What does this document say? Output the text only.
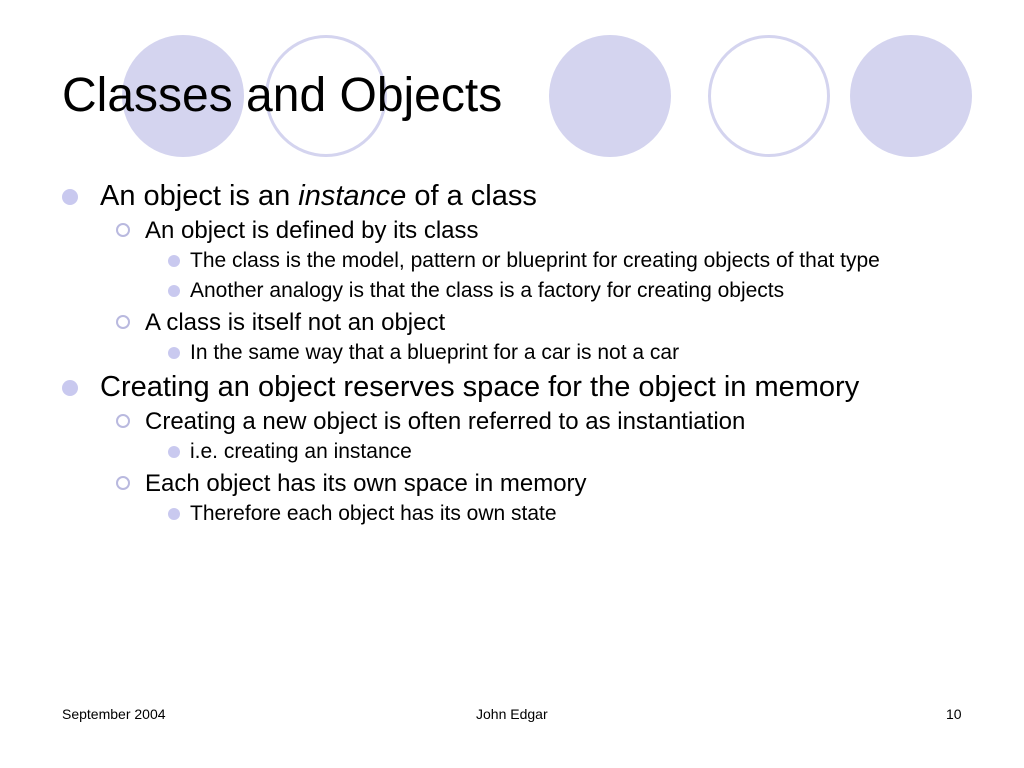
Classes and Objects
An object is an instance of a class
An object is defined by its class
The class is the model, pattern or blueprint for creating objects of that type
Another analogy is that the class is a factory for creating objects
A class is itself not an object
In the same way that a blueprint for a car is not a car
Creating an object reserves space for the object in memory
Creating a new object is often referred to as instantiation
i.e. creating an instance
Each object has its own space in memory
Therefore each object has its own state
September 2004	John Edgar	10
